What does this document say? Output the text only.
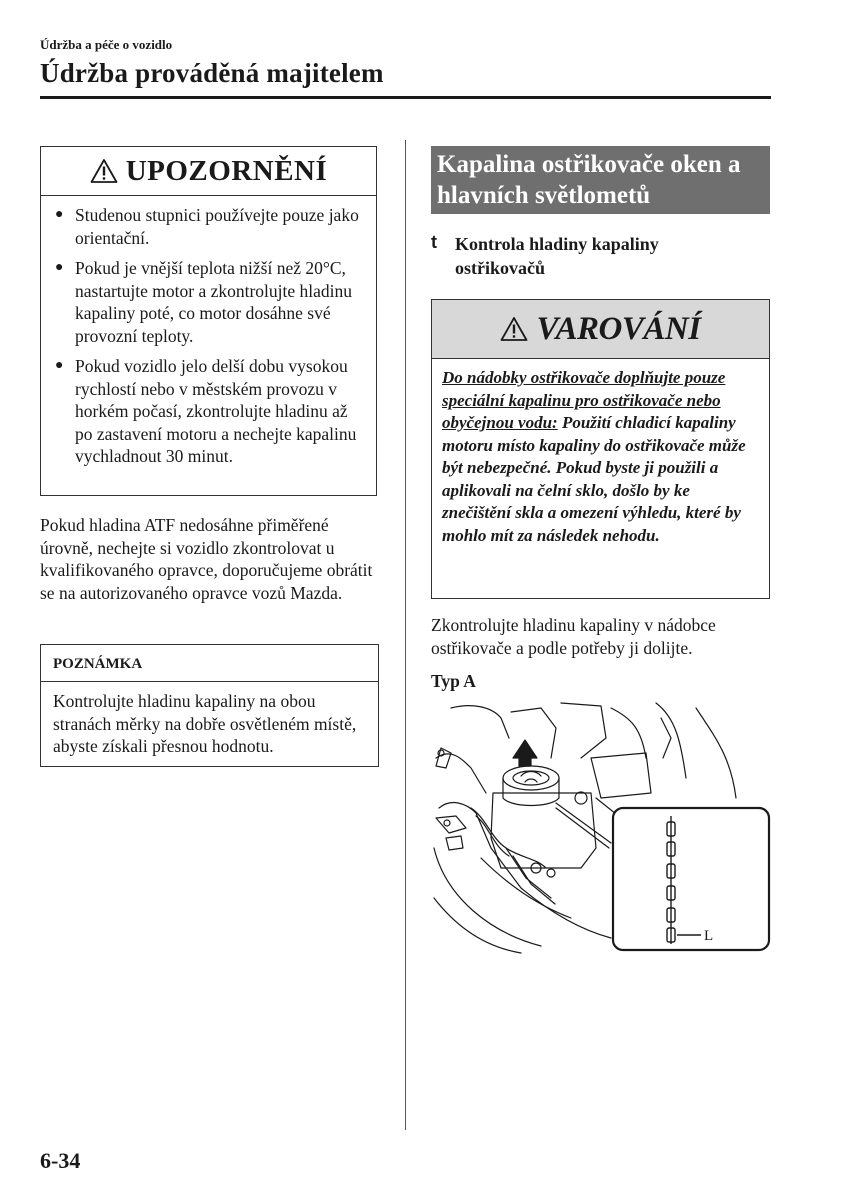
Údržba a péče o vozidlo
Údržba prováděná majitelem
UPOZORNĚNÍ
● Studenou stupnici používejte pouze jako orientační.
● Pokud je vnější teplota nižší než 20°C, nastartujte motor a zkontrolujte hladinu kapaliny poté, co motor dosáhne své provozní teploty.
● Pokud vozidlo jelo delší dobu vysokou rychlostí nebo v městském provozu v horkém počasí, zkontrolujte hladinu až po zastavení motoru a nechejte kapalinu vychladnout 30 minut.
Pokud hladina ATF nedosáhne přiměřené úrovně, nechejte si vozidlo zkontrolovat u kvalifikovaného opravce, doporučujeme obrátit se na autorizovaného opravce vozů Mazda.
POZNÁMKA
Kontrolujte hladinu kapaliny na obou stranách měrky na dobře osvětleném místě, abyste získali přesnou hodnotu.
Kapalina ostřikovače oken a hlavních světlometů
t Kontrola hladiny kapaliny ostřikovačů
VAROVÁNÍ
Do nádobky ostřikovače doplňujte pouze speciální kapalinu pro ostřikovače nebo obyčejnou vodu: Použití chladicí kapaliny motoru místo kapaliny do ostřikovače může být nebezpečné. Pokud byste ji použili a aplikovali na čelní sklo, došlo by ke znečištění skla a omezení výhledu, které by mohlo mít za následek nehodu.
Zkontrolujte hladinu kapaliny v nádobce ostřikovače a podle potřeby ji dolijte.
Typ A
L
6-34
